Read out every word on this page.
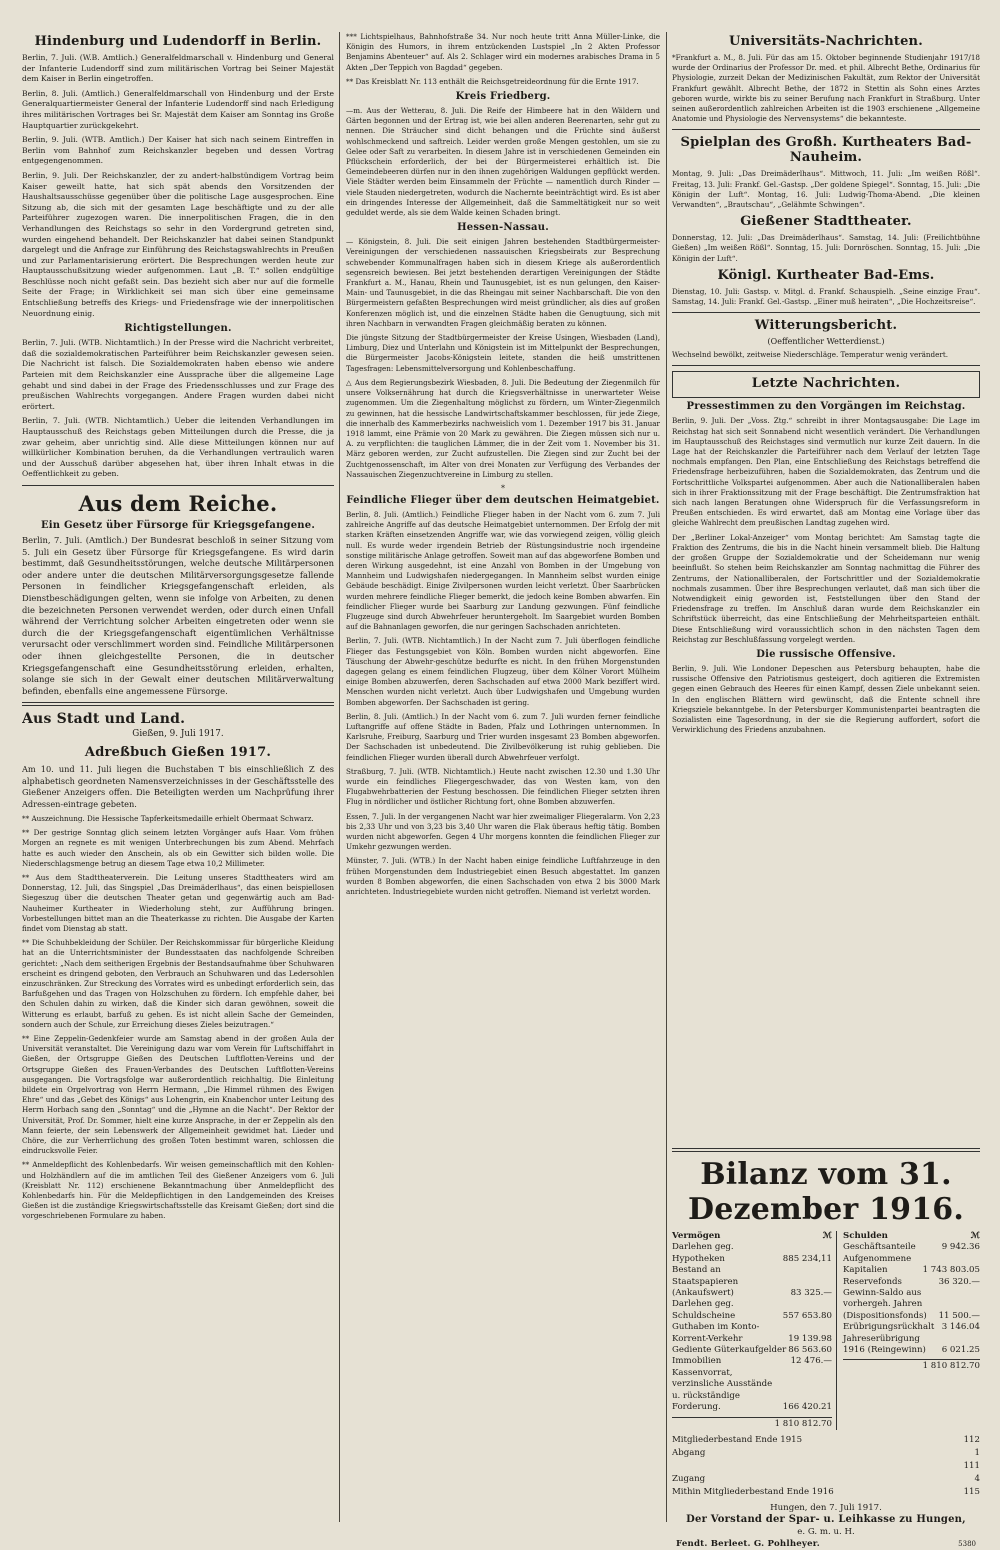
Hindenburg und Ludendorff in Berlin.

Berlin, 7. Juli. (W.B. Amtlich.) Generalfeldmarschall v. Hindenburg und General der Infanterie Ludendorff sind zum militärischen Vortrag bei Seiner Majestät dem Kaiser in Berlin eingetroffen.

Berlin, 8. Juli. (Amtlich.) Generalfeldmarschall von Hindenburg und der Erste Generalquartiermeister General der Infanterie Ludendorff sind nach Erledigung ihres militärischen Vortrages bei Sr. Majestät dem Kaiser am Sonntag ins Große Hauptquartier zurückgekehrt.

Berlin, 9. Juli. (WTB. Amtlich.) Der Kaiser hat sich nach seinem Eintreffen in Berlin vom Bahnhof zum Reichskanzler begeben und dessen Vortrag entgegengenommen.

Berlin, 9. Juli. Der Reichskanzler, der zu andert-halbstündigem Vortrag beim Kaiser geweilt hatte, hat sich spät abends den Vorsitzenden der Haushaltsausschüsse gegenüber über die politische Lage ausgesprochen. Eine Sitzung ab, die sich mit der gesamten Lage beschäftigte und zu der alle Parteiführer zugezogen waren. Die innerpolitischen Fragen, die in den Verhandlungen des Reichstags so sehr in den Vordergrund getreten sind, wurden eingehend behandelt. Der Reichskanzler hat dabei seinen Standpunkt dargelegt und die Anfrage zur Einführung des Reichstagswahlrechts in Preußen und zur Parlamentarisierung erörtert. Die Besprechungen werden heute zur Hauptausschußsitzung wieder aufgenommen. Laut „B. T.“ sollen endgültige Beschlüsse noch nicht gefaßt sein. Das bezieht sich aber nur auf die formelle Seite der Frage; in Wirklichkeit sei man sich über eine gemeinsame Entschließung betreffs des Kriegs- und Friedensfrage wie der innerpolitischen Neuordnung einig.

Richtigstellungen.

Berlin, 7. Juli. (WTB. Nichtamtlich.) In der Presse wird die Nachricht verbreitet, daß die sozialdemokratischen Parteiführer beim Reichskanzler gewesen seien. Die Nachricht ist falsch. Die Sozialdemokraten haben ebenso wie andere Parteien mit dem Reichskanzler eine Aussprache über die allgemeine Lage gehabt und sind dabei in der Frage des Friedensschlusses und zur Frage des preußischen Wahlrechts vorgegangen. Andere Fragen wurden dabei nicht erörtert.

Berlin, 7. Juli. (WTB. Nichtamtlich.) Ueber die leitenden Verhandlungen im Hauptausschuß des Reichstags geben Mitteilungen durch die Presse, die ja zwar geheim, aber unrichtig sind. Alle diese Mitteilungen können nur auf willkürlicher Kombination beruhen, da die Verhandlungen vertraulich waren und der Ausschuß darüber abgesehen hat, über ihren Inhalt etwas in die Oeffentlichkeit zu geben.

Aus dem Reiche.
Ein Gesetz über Fürsorge für Kriegsgefangene.

Berlin, 7. Juli. (Amtlich.) Der Bundesrat beschloß in seiner Sitzung vom 5. Juli ein Gesetz über Fürsorge für Kriegsgefangene. Es wird darin bestimmt, daß Gesundheitsstörungen, welche deutsche Militärpersonen oder andere unter die deutschen Militärversorgungsgesetze fallende Personen in feindlicher Kriegsgefangenschaft erleiden, als Dienstbeschädigungen gelten, wenn sie infolge von Arbeiten, zu denen die bezeichneten Personen verwendet werden, oder durch einen Unfall während der Verrichtung solcher Arbeiten eingetreten oder wenn sie durch die der Kriegsgefangenschaft eigentümlichen Verhältnisse verursacht oder verschlimmert worden sind. Feindliche Militärpersonen oder ihnen gleichgestellte Personen, die in deutscher Kriegsgefangenschaft eine Gesundheitsstörung erleiden, erhalten, solange sie sich in der Gewalt einer deutschen Militärverwaltung befinden, ebenfalls eine angemessene Fürsorge.

Aus Stadt und Land.
Gießen, 9. Juli 1917.
Adreßbuch Gießen 1917.

Am 10. und 11. Juli liegen die Buchstaben T bis einschließlich Z des alphabetisch geordneten Namensverzeichnisses in der Geschäftsstelle des Gießener Anzeigers offen. Die Beteiligten werden um Nachprüfung ihrer Adressen-eintrage gebeten.

** Auszeichnung. Die Hessische Tapferkeitsmedaille erhielt Obermaat Schwarz.

** Der gestrige Sonntag glich seinem letzten Vorgänger aufs Haar. Vom frühen Morgen an regnete es mit wenigen Unterbrechungen bis zum Abend. Mehrfach hatte es auch wieder den Anschein, als ob ein Gewitter sich bilden wolle. Die Niederschlagsmenge betrug an diesem Tage etwa 10,2 Millimeter.

** Aus dem Stadttheaterverein. Die Leitung unseres Stadttheaters wird am Donnerstag, 12. Juli, das Singspiel „Das Dreimäderlhaus“, das einen beispiellosen Siegeszug über die deutschen Theater getan und gegenwärtig auch am Bad-Nauheimer Kurtheater in Wiederholung steht, zur Aufführung bringen. Vorbestellungen bittet man an die Theaterkasse zu richten. Die Ausgabe der Karten findet vom Dienstag ab statt.

** Die Schuhbekleidung der Schüler. Der Reichskommissar für bürgerliche Kleidung hat an die Unterrichtsminister der Bundesstaaten das nachfolgende Schreiben gerichtet: „Nach dem seitherigen Ergebnis der Bestandsaufnahme über Schuhwaren erscheint es dringend geboten, den Verbrauch an Schuhwaren und das Ledersohlen einzuschränken. Zur Streckung des Vorrates wird es unbedingt erforderlich sein, das Barfußgehen und das Tragen von Holzschuhen zu fördern. Ich empfehle daher, bei den Schulen dahin zu wirken, daß die Kinder sich daran gewöhnen, soweit die Witterung es erlaubt, barfuß zu gehen. Es ist nicht allein Sache der Gemeinden, sondern auch der Schule, zur Erreichung dieses Zieles beizutragen.“

** Eine Zeppelin-Gedenkfeier wurde am Samstag abend in der großen Aula der Universität veranstaltet. Die Vereinigung dazu war vom Verein für Luftschiffahrt in Gießen, der Ortsgruppe Gießen des Deutschen Luftflotten-Vereins und der Ortsgruppe Gießen des Frauen-Verbandes des Deutschen Luftflotten-Vereins ausgegangen. Die Vortragsfolge war außerordentlich reichhaltig. Die Einleitung bildete ein Orgelvortrag von Herrn Hermann, „Die Himmel rühmen des Ewigen Ehre“ und das „Gebet des Königs“ aus Lohengrin, ein Knabenchor unter Leitung des Herrn Horbach sang den „Sonntag“ und die „Hymne an die Nacht“. Der Rektor der Universität, Prof. Dr. Sommer, hielt eine kurze Ansprache, in der er Zeppelin als den Mann feierte, der sein Lebenswerk der Allgemeinheit gewidmet hat. Lieder und Chöre, die zur Verherrlichung des großen Toten bestimmt waren, schlossen die eindrucksvolle Feier.

** Anmeldepflicht des Kohlenbedarfs. Wir weisen gemeinschaftlich mit den Kohlen- und Holzhändlern auf die im amtlichen Teil des Gießener Anzeigers vom 6. Juli (Kreisblatt Nr. 112) erschienene Bekanntmachung über Anmeldepflicht des Kohlenbedarfs hin. Für die Meldepflichtigen in den Landgemeinden des Kreises Gießen ist die zuständige Kriegswirtschaftsstelle das Kreisamt Gießen; dort sind die vorgeschriebenen Formulare zu haben.

*** Lichtspielhaus, Bahnhofstraße 34. Nur noch heute tritt Anna Müller-Linke, die Königin des Humors, in ihrem entzückenden Lustspiel „In 2 Akten Professor Benjamins Abenteuer“ auf. Als 2. Schlager wird ein modernes arabisches Drama in 5 Akten „Der Teppich von Bagdad“ gegeben.

** Das Kreisblatt Nr. 113 enthält die Reichsgetreideordnung für die Ernte 1917.

Kreis Friedberg.

—m. Aus der Wetterau, 8. Juli. Die Reife der Himbeere hat in den Wäldern und Gärten begonnen und der Ertrag ist, wie bei allen anderen Beerenarten, sehr gut zu nennen. Die Sträucher sind dicht behangen und die Früchte sind äußerst wohlschmeckend und saftreich. Leider werden große Mengen gestohlen, um sie zu Gelee oder Saft zu verarbeiten. In diesem Jahre ist in verschiedenen Gemeinden ein Pflückschein erforderlich, der bei der Bürgermeisterei erhältlich ist. Die Gemeindebeeren dürfen nur in den ihnen zugehörigen Waldungen gepflückt werden. Viele Städter werden beim Einsammeln der Früchte — namentlich durch Rinder — viele Stauden niedergetreten, wodurch die Nachernte beeinträchtigt wird. Es ist aber ein dringendes Interesse der Allgemeinheit, daß die Sammeltätigkeit nur so weit geduldet werde, als sie dem Walde keinen Schaden bringt.

Hessen-Nassau.

— Königstein, 8. Juli. Die seit einigen Jahren bestehenden Stadtbürgermeister-Vereinigungen der verschiedenen nassauischen Kriegsbeirats zur Besprechung schwebender Kommunalfragen haben sich in diesem Kriege als außerordentlich segensreich bewiesen. Bei jetzt bestehenden derartigen Vereinigungen der Städte Frankfurt a. M., Hanau, Rhein und Taunusgebiet, ist es nun gelungen, den Kaiser-Main- und Taunusgebiet, in die das Rheingau mit seiner Nachbarschaft. Die von den Bürgermeistern gefaßten Besprechungen wird meist gründlicher, als dies auf großen Konferenzen möglich ist, und die einzelnen Städte haben die Genugtuung, sich mit ihren Nachbarn in verwandten Fragen gleichmäßig beraten zu können.

Die jüngste Sitzung der Stadtbürgermeister der Kreise Usingen, Wiesbaden (Land), Limburg, Diez und Unterlahn und Königstein ist im Mittelpunkt der Besprechungen, die Bürgermeister Jacobs-Königstein leitete, standen die heiß umstrittenen Tagesfragen: Lebensmittelversorgung und Kohlenbeschaffung.

△ Aus dem Regierungsbezirk Wiesbaden, 8. Juli. Die Bedeutung der Ziegenmilch für unsere Volksernährung hat durch die Kriegsverhältnisse in unerwarteter Weise zugenommen. Um die Ziegenhaltung möglichst zu fördern, um Winter-Ziegenmilch zu gewinnen, hat die hessische Landwirtschaftskammer beschlossen, für jede Ziege, die innerhalb des Kammerbezirks nachweislich vom 1. Dezember 1917 bis 31. Januar 1918 lammt, eine Prämie von 20 Mark zu gewähren. Die Ziegen müssen sich nur u. A. zu verpflichten: die tauglichen Lämmer, die in der Zeit vom 1. November bis 31. März geboren werden, zur Zucht aufzustellen. Die Ziegen sind zur Zucht bei der Zuchtgenossenschaft, im Alter von drei Monaten zur Verfügung des Verbandes der Nassauischen Ziegenzuchtvereine in Limburg zu stellen.

*
Feindliche Flieger über dem deutschen Heimatgebiet.

Berlin, 8. Juli. (Amtlich.) Feindliche Flieger haben in der Nacht vom 6. zum 7. Juli zahlreiche Angriffe auf das deutsche Heimatgebiet unternommen. Der Erfolg der mit starken Kräften einsetzenden Angriffe war, wie das vorwiegend zeigen, völlig gleich null. Es wurde weder irgendein Betrieb der Rüstungsindustrie noch irgendeine sonstige militärische Anlage getroffen. Soweit man auf das abgeworfene Bomben und deren Wirkung ausgedehnt, ist eine Anzahl von Bomben in der Umgebung von Mannheim und Ludwigshafen niedergegangen. In Mannheim selbst wurden einige Gebäude beschädigt. Einige Zivilpersonen wurden leicht verletzt. Über Saarbrücken wurden mehrere feindliche Flieger bemerkt, die jedoch keine Bomben abwarfen. Ein feindlicher Flieger wurde bei Saarburg zur Landung gezwungen. Fünf feindliche Flugzeuge sind durch Abwehrfeuer heruntergeholt. Im Saargebiet wurden Bomben auf die Bahnanlagen geworfen, die nur geringen Sachschaden anrichteten.

Berlin, 7. Juli. (WTB. Nichtamtlich.) In der Nacht zum 7. Juli überflogen feindliche Flieger das Festungsgebiet von Köln. Bomben wurden nicht abgeworfen. Eine Täuschung der Abwehr-geschütze bedurfte es nicht. In den frühen Morgenstunden dagegen gelang es einem feindlichen Flugzeug, über dem Kölner Vorort Mülheim einige Bomben abzuwerfen, deren Sachschaden auf etwa 2000 Mark beziffert wird. Menschen wurden nicht verletzt. Auch über Ludwigshafen und Umgebung wurden Bomben abgeworfen. Der Sachschaden ist gering.

Berlin, 8. Juli. (Amtlich.) In der Nacht vom 6. zum 7. Juli wurden ferner feindliche Luftangriffe auf offene Städte in Baden, Pfalz und Lothringen unternommen. In Karlsruhe, Freiburg, Saarburg und Trier wurden insgesamt 23 Bomben abgeworfen. Der Sachschaden ist unbedeutend. Die Zivilbevölkerung ist ruhig geblieben. Die feindlichen Flieger wurden überall durch Abwehrfeuer verfolgt.

Straßburg, 7. Juli. (WTB. Nichtamtlich.) Heute nacht zwischen 12.30 und 1.30 Uhr wurde ein feindliches Fliegergeschwader, das von Westen kam, von den Flugabwehrbatterien der Festung beschossen. Die feindlichen Flieger setzten ihren Flug in nördlicher und östlicher Richtung fort, ohne Bomben abzuwerfen.

Essen, 7. Juli. In der vergangenen Nacht war hier zweimaliger Fliegeralarm. Von 2,23 bis 2,33 Uhr und von 3,23 bis 3,40 Uhr waren die Flak überaus heftig tätig. Bomben wurden nicht abgeworfen. Gegen 4 Uhr morgens konnten die feindlichen Flieger zur Umkehr gezwungen werden.

Münster, 7. Juli. (WTB.) In der Nacht haben einige feindliche Luftfahrzeuge in den frühen Morgenstunden dem Industriegebiet einen Besuch abgestattet. Im ganzen wurden 8 Bomben abgeworfen, die einen Sachschaden von etwa 2 bis 3000 Mark anrichteten. Industriegebiete wurden nicht getroffen. Niemand ist verletzt worden.

Universitäts-Nachrichten.

*Frankfurt a. M., 8. Juli. Für das am 15. Oktober beginnende Studienjahr 1917/18 wurde der Ordinarius der Professor Dr. med. et phil. Albrecht Bethe, Ordinarius für Physiologie, zurzeit Dekan der Medizinischen Fakultät, zum Rektor der Universität Frankfurt gewählt. Albrecht Bethe, der 1872 in Stettin als Sohn eines Arztes geboren wurde, wirkte bis zu seiner Berufung nach Frankfurt in Straßburg. Unter seinen außerordentlich zahlreichen Arbeiten ist die 1903 erschienene „Allgemeine Anatomie und Physiologie des Nervensystems“ die bekannteste.

Spielplan des Großh. Kurtheaters Bad-Nauheim.

Montag, 9. Juli: „Das Dreimäderlhaus“. Mittwoch, 11. Juli: „Im weißen Rößl“. Freitag, 13. Juli: Frankf. Gel.-Gastsp. „Der goldene Spiegel“. Sonntag, 15. Juli: „Die Königin der Luft“. Montag, 16. Juli: Ludwig-Thoma-Abend. „Die kleinen Verwandten“, „Brautschau“, „Gelähmte Schwingen“.

Gießener Stadttheater.

Donnerstag, 12. Juli: „Das Dreimäderlhaus“. Samstag, 14. Juli: (Freilichtbühne Gießen) „Im weißen Rößl“. Sonntag, 15. Juli: Dornröschen. Sonntag, 15. Juli: „Die Königin der Luft“.

Königl. Kurtheater Bad-Ems.

Dienstag, 10. Juli: Gastsp. v. Mitgl. d. Frankf. Schauspielh. „Seine einzige Frau“. Samstag, 14. Juli: Frankf. Gel.-Gastsp. „Einer muß heiraten“, „Die Hochzeitsreise“.

Witterungsbericht.
(Oeffentlicher Wetterdienst.)

Wechselnd bewölkt, zeitweise Niederschläge. Temperatur wenig verändert.

Letzte Nachrichten.
Pressestimmen zu den Vorgängen im Reichstag.

Berlin, 9. Juli. Der „Voss. Ztg.“ schreibt in ihrer Montagsausgabe: Die Lage im Reichstag hat sich seit Sonnabend nicht wesentlich verändert. Die Verhandlungen im Hauptausschuß des Reichstages sind vermutlich nur kurze Zeit dauern. In die Lage hat der Reichskanzler die Parteiführer nach dem Verlauf der letzten Tage nochmals empfangen. Den Plan, eine Entschließung des Reichstags betreffend die Friedensfrage herbeizuführen, haben die Sozialdemokraten, das Zentrum und die Fortschrittliche Volkspartei aufgenommen. Aber auch die Nationalliberalen haben sich in ihrer Fraktionssitzung mit der Frage beschäftigt. Die Zentrumsfraktion hat sich nach langen Beratungen ohne Widerspruch für die Verfassungsreform in Preußen entschieden. Es wird erwartet, daß am Montag eine Vorlage über das gleiche Wahlrecht dem preußischen Landtag zugehen wird.

Der „Berliner Lokal-Anzeiger“ vom Montag berichtet: Am Samstag tagte die Fraktion des Zentrums, die bis in die Nacht hinein versammelt blieb. Die Haltung der großen Gruppe der Sozialdemokratie und der Scheidemann nur wenig beeinflußt. So stehen beim Reichskanzler am Sonntag nachmittag die Führer des Zentrums, der Nationalliberalen, der Fortschrittler und der Sozialdemokratie nochmals zusammen. Über ihre Besprechungen verlautet, daß man sich über die Notwendigkeit einig geworden ist, Feststellungen über den Stand der Friedensfrage zu treffen. Im Anschluß daran wurde dem Reichskanzler ein Schriftstück überreicht, das eine Entschließung der Mehrheitsparteien enthält. Diese Entschließung wird voraussichtlich schon in den nächsten Tagen dem Reichstag zur Beschlußfassung vorgelegt werden.

Die russische Offensive.

Berlin, 9. Juli. Wie Londoner Depeschen aus Petersburg behaupten, habe die russische Offensive den Patriotismus gesteigert, doch agitieren die Extremisten gegen einen Gebrauch des Heeres für einen Kampf, dessen Ziele unbekannt seien. In den englischen Blättern wird gewünscht, daß die Entente schnell ihre Kriegsziele bekanntgebe. In der Petersburger Kommunistenpartei beantragten die Sozialisten eine Tagesordnung, in der sie die Regierung auffordert, sofort die Verwirklichung des Friedens anzubahnen.

Bilanz vom 31. Dezember 1916.
Vermögen	ℳ
Darlehen geg. Hypotheken	885 234,11
Bestand an Staatspapieren (Ankaufswert)	83 325.—
Darlehen geg. Schuldscheine	557 653.80
Guthaben im Konto-Korrent-Verkehr	19 139.98
Gediente Güterkaufgelder 86 563.60
Immobilien	12 476.—
Kassenvorrat, verzinsliche Ausstände u. rückständige Forderung.	166 420.21
1 810 812.70
Schulden	ℳ
Geschäftsanteile	9 942.36
Aufgenommene Kapitalien	1 743 803.05
Reservefonds	36 320.—
Gewinn-Saldo aus vorhergeh. Jahren (Dispositionsfonds)	11 500.—
Erübrigungsrückhalt 3 146.04
Jahreserübrigung 1916 (Reingewinn)	6 021.25
1 810 812.70
Mitgliederbestand Ende 1915	112
Abgang	1
111
Zugang	4
Mithin Mitgliederbestand Ende 1916	115
Hungen, den 7. Juli 1917.
Der Vorstand der Spar- u. Leihkasse zu Hungen,
e. G. m. u. H.
Fendt. Berleet. G. Pohlheyer.	5380
